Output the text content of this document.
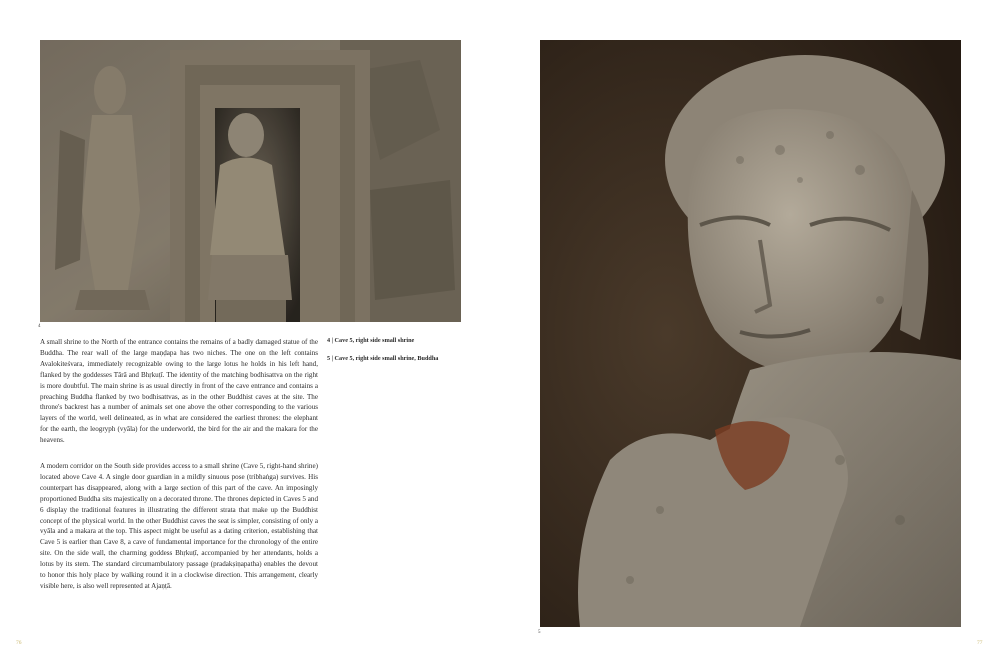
4
5

A small shrine to the North of the entrance contains the remains of a badly damaged statue of the Buddha. The rear wall of the large maṇḍapa has two niches. The one on the left contains Avalokiteśvara, immediately recognizable owing to the large lotus he holds in his left hand, flanked by the goddesses Tārā and Bhṛkuṭī. The identity of the matching bodhisattva on the right is more doubtful. The main shrine is as usual directly in front of the cave entrance and contains a preaching Buddha flanked by two bodhisattvas, as in the other Buddhist caves at the site. The throne's backrest has a number of animals set one above the other corresponding to the various layers of the world, well delineated, as in what are considered the earliest thrones: the elephant for the earth, the leogryph (vyāla) for the underworld, the bird for the air and the makara for the heavens.

A modern corridor on the South side provides access to a small shrine (Cave 5, right-hand shrine) located above Cave 4. A single door guardian in a mildly sinuous pose (tribhaṅga) survives. His counterpart has disappeared, along with a large section of this part of the cave. An imposingly proportioned Buddha sits majestically on a decorated throne. The thrones depicted in Caves 5 and 6 display the traditional features in illustrating the different strata that make up the Buddhist concept of the physical world. In the other Buddhist caves the seat is simpler, consisting of only a vyāla and a makara at the top. This aspect might be useful as a dating criterion, establishing that Cave 5 is earlier than Cave 8, a cave of fundamental importance for the chronology of the entire site. On the side wall, the charming goddess Bhṛkuṭī, accompanied by her attendants, holds a lotus by its stem. The standard circumambulatory passage (pradakṣiṇapatha) enables the devout to honor this holy place by walking round it in a clockwise direction. This arrangement, clearly visible here, is also well represented at Ajaṇṭā.

4 | Cave 5, right side small shrine
5 | Cave 5, right side small shrine, Buddha
76	77
